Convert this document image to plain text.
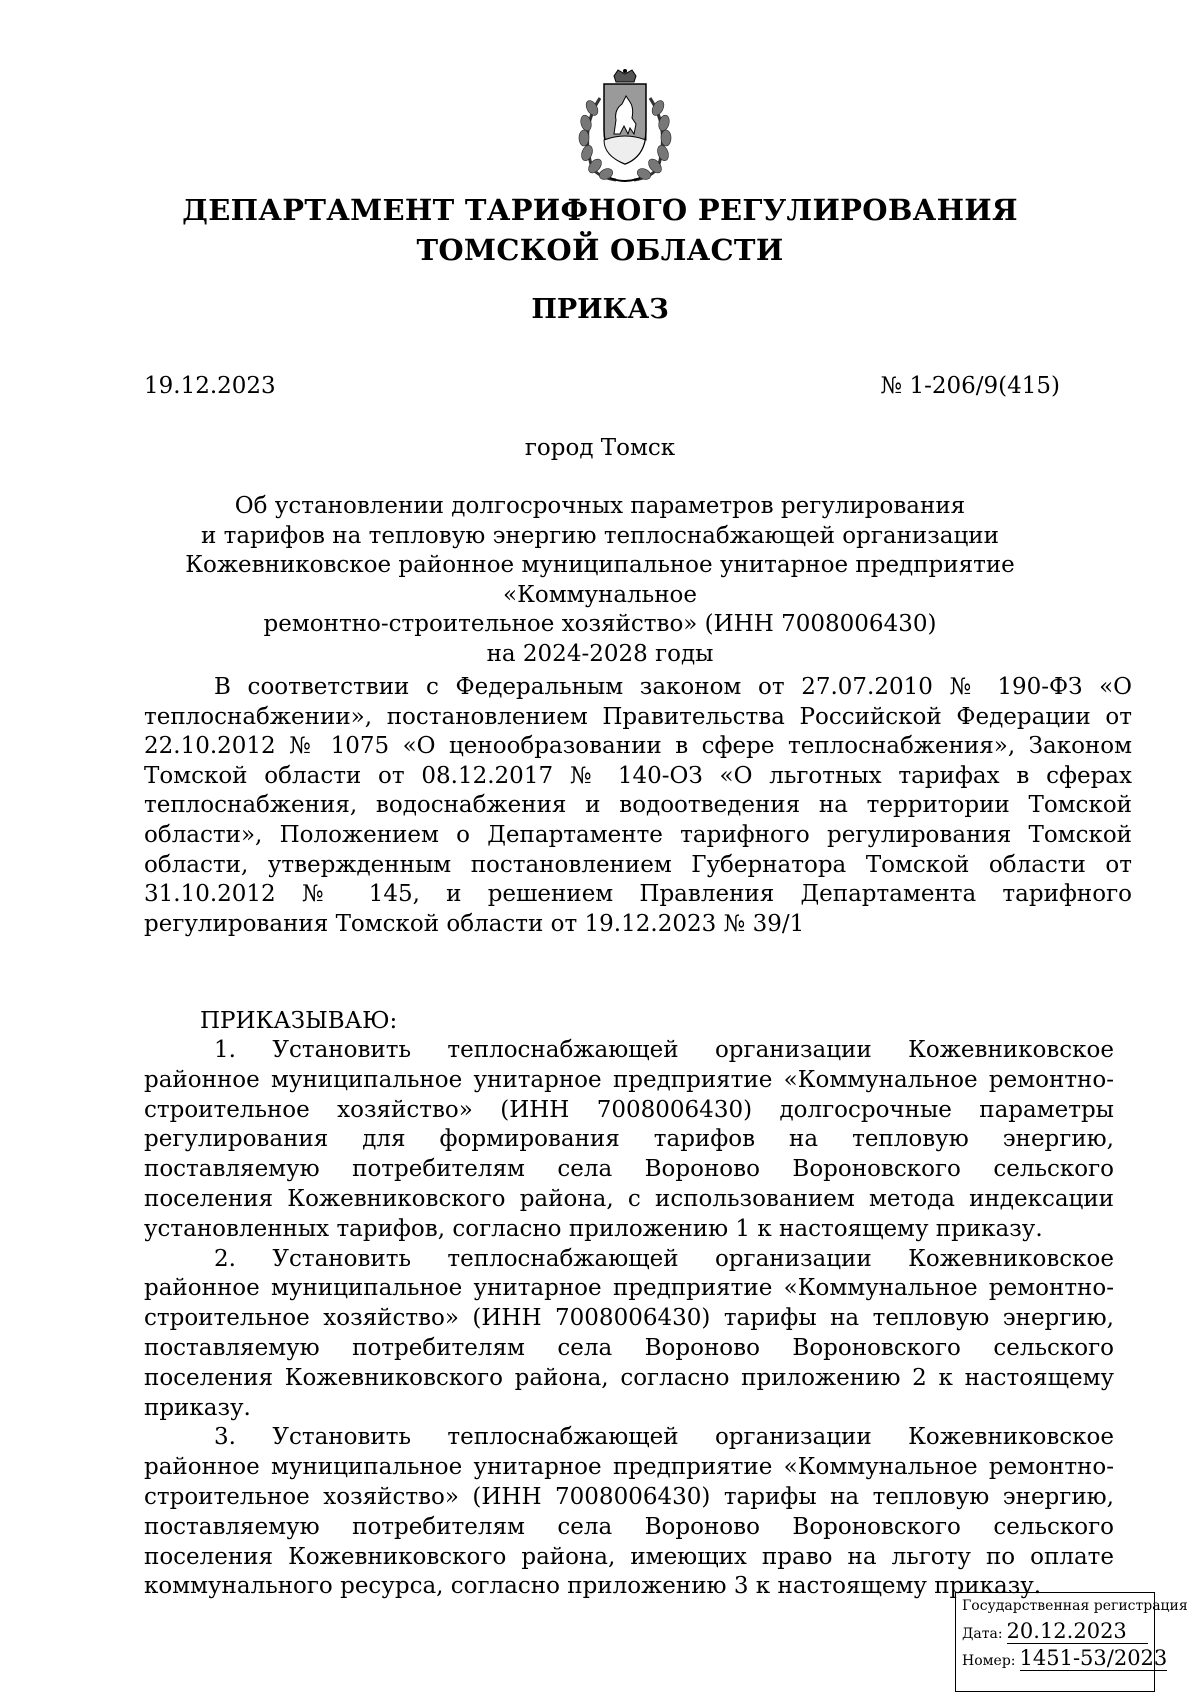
ДЕПАРТАМЕНТ ТАРИФНОГО РЕГУЛИРОВАНИЯ
ТОМСКОЙ ОБЛАСТИ
ПРИКАЗ
19.12.2023	№ 1-206/9(415)
город Томск
Об установлении долгосрочных параметров регулирования
и тарифов на тепловую энергию теплоснабжающей организации
Кожевниковское районное муниципальное унитарное предприятие «Коммунальное
ремонтно-строительное хозяйство» (ИНН 7008006430)
на 2024-2028 годы

В соответствии с Федеральным законом от 27.07.2010 № 190-ФЗ «О теплоснабжении», постановлением Правительства Российской Федерации от 22.10.2012 № 1075 «О ценообразовании в сфере теплоснабжения», Законом Томской области от 08.12.2017 № 140-ОЗ «О льготных тарифах в сферах теплоснабжения, водоснабжения и водоотведения на территории Томской области», Положением о Департаменте тарифного регулирования Томской области, утвержденным постановлением Губернатора Томской области от 31.10.2012 № 145, и решением Правления Департамента тарифного регулирования Томской области от 19.12.2023 № 39/1

ПРИКАЗЫВАЮ:

1. Установить теплоснабжающей организации Кожевниковское районное муниципальное унитарное предприятие «Коммунальное ремонтно-строительное хозяйство» (ИНН 7008006430) долгосрочные параметры регулирования для формирования тарифов на тепловую энергию, поставляемую потребителям села Вороново Вороновского сельского поселения Кожевниковского района, с использованием метода индексации установленных тарифов, согласно приложению 1 к настоящему приказу.

2. Установить теплоснабжающей организации Кожевниковское районное муниципальное унитарное предприятие «Коммунальное ремонтно-строительное хозяйство» (ИНН 7008006430) тарифы на тепловую энергию, поставляемую потребителям села Вороново Вороновского сельского поселения Кожевниковского района, согласно приложению 2 к настоящему приказу.

3. Установить теплоснабжающей организации Кожевниковское районное муниципальное унитарное предприятие «Коммунальное ремонтно-строительное хозяйство» (ИНН 7008006430) тарифы на тепловую энергию, поставляемую потребителям села Вороново Вороновского сельского поселения Кожевниковского района, имеющих право на льготу по оплате коммунального ресурса, согласно приложению 3 к настоящему приказу.

Государственная регистрация
Дата: 20.12.2023
Номер: 1451-53/2023
